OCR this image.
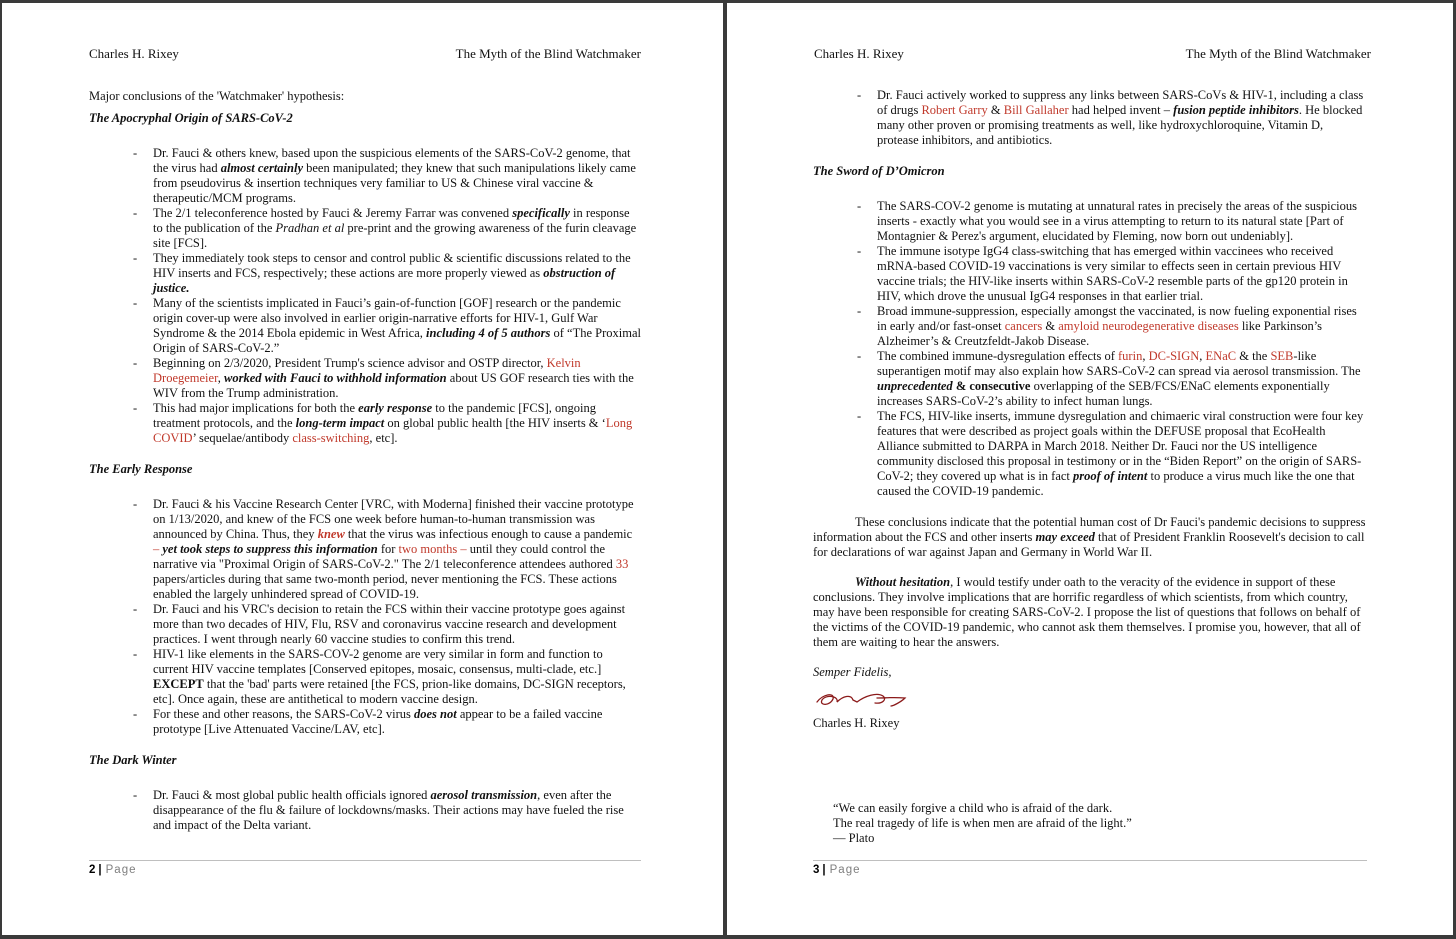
Charles H. Rixey	The Myth of the Blind Watchmaker

Major conclusions of the 'Watchmaker' hypothesis:

The Apocryphal Origin of SARS-CoV-2

- Dr. Fauci & others knew, based upon the suspicious elements of the SARS-CoV-2 genome, that the virus had almost certainly been manipulated; they knew that such manipulations likely came from pseudovirus & insertion techniques very familiar to US & Chinese viral vaccine & therapeutic/MCM programs.
- The 2/1 teleconference hosted by Fauci & Jeremy Farrar was convened specifically in response to the publication of the Pradhan et al pre-print and the growing awareness of the furin cleavage site [FCS].
- They immediately took steps to censor and control public & scientific discussions related to the HIV inserts and FCS, respectively; these actions are more properly viewed as obstruction of justice.
- Many of the scientists implicated in Fauci’s gain-of-function [GOF] research or the pandemic origin cover-up were also involved in earlier origin-narrative efforts for HIV-1, Gulf War Syndrome & the 2014 Ebola epidemic in West Africa, including 4 of 5 authors of “The Proximal Origin of SARS-CoV-2.”
- Beginning on 2/3/2020, President Trump's science advisor and OSTP director, Kelvin Droegemeier, worked with Fauci to withhold information about US GOF research ties with the WIV from the Trump administration.
- This had major implications for both the early response to the pandemic [FCS], ongoing treatment protocols, and the long-term impact on global public health [the HIV inserts & ‘Long COVID’ sequelae/antibody class-switching, etc].

The Early Response

- Dr. Fauci & his Vaccine Research Center [VRC, with Moderna] finished their vaccine prototype on 1/13/2020, and knew of the FCS one week before human-to-human transmission was announced by China. Thus, they knew that the virus was infectious enough to cause a pandemic – yet took steps to suppress this information for two months – until they could control the narrative via "Proximal Origin of SARS-CoV-2." The 2/1 teleconference attendees authored 33 papers/articles during that same two-month period, never mentioning the FCS. These actions enabled the largely unhindered spread of COVID-19.
- Dr. Fauci and his VRC's decision to retain the FCS within their vaccine prototype goes against more than two decades of HIV, Flu, RSV and coronavirus vaccine research and development practices. I went through nearly 60 vaccine studies to confirm this trend.
- HIV-1 like elements in the SARS-COV-2 genome are very similar in form and function to current HIV vaccine templates [Conserved epitopes, mosaic, consensus, multi-clade, etc.] EXCEPT that the 'bad' parts were retained [the FCS, prion-like domains, DC-SIGN receptors, etc]. Once again, these are antithetical to modern vaccine design.
- For these and other reasons, the SARS-CoV-2 virus does not appear to be a failed vaccine prototype [Live Attenuated Vaccine/LAV, etc].

The Dark Winter

- Dr. Fauci & most global public health officials ignored aerosol transmission, even after the disappearance of the flu & failure of lockdowns/masks. Their actions may have fueled the rise and impact of the Delta variant.
2 | Page
Charles H. Rixey	The Myth of the Blind Watchmaker
- Dr. Fauci actively worked to suppress any links between SARS-CoVs & HIV-1, including a class of drugs Robert Garry & Bill Gallaher had helped invent – fusion peptide inhibitors. He blocked many other proven or promising treatments as well, like hydroxychloroquine, Vitamin D, protease inhibitors, and antibiotics.

The Sword of D’Omicron

- The SARS-COV-2 genome is mutating at unnatural rates in precisely the areas of the suspicious inserts - exactly what you would see in a virus attempting to return to its natural state [Part of Montagnier & Perez's argument, elucidated by Fleming, now born out undeniably].
- The immune isotype IgG4 class-switching that has emerged within vaccinees who received mRNA-based COVID-19 vaccinations is very similar to effects seen in certain previous HIV vaccine trials; the HIV-like inserts within SARS-CoV-2 resemble parts of the gp120 protein in HIV, which drove the unusual IgG4 responses in that earlier trial.
- Broad immune-suppression, especially amongst the vaccinated, is now fueling exponential rises in early and/or fast-onset cancers & amyloid neurodegenerative diseases like Parkinson’s Alzheimer’s & Creutzfeldt-Jakob Disease.
- The combined immune-dysregulation effects of furin, DC-SIGN, ENaC & the SEB-like superantigen motif may also explain how SARS-CoV-2 can spread via aerosol transmission. The unprecedented & consecutive overlapping of the SEB/FCS/ENaC elements exponentially increases SARS-CoV-2’s ability to infect human lungs.
- The FCS, HIV-like inserts, immune dysregulation and chimaeric viral construction were four key features that were described as project goals within the DEFUSE proposal that EcoHealth Alliance submitted to DARPA in March 2018. Neither Dr. Fauci nor the US intelligence community disclosed this proposal in testimony or in the “Biden Report” on the origin of SARS-CoV-2; they covered up what is in fact proof of intent to produce a virus much like the one that caused the COVID-19 pandemic.

These conclusions indicate that the potential human cost of Dr Fauci's pandemic decisions to suppress information about the FCS and other inserts may exceed that of President Franklin Roosevelt's decision to call for declarations of war against Japan and Germany in World War II.

Without hesitation, I would testify under oath to the veracity of the evidence in support of these conclusions. They involve implications that are horrific regardless of which scientists, from which country, may have been responsible for creating SARS-CoV-2. I propose the list of questions that follows on behalf of the victims of the COVID-19 pandemic, who cannot ask them themselves. I promise you, however, that all of them are waiting to hear the answers.

Semper Fidelis,

Charles H. Rixey

“We can easily forgive a child who is afraid of the dark.

The real tragedy of life is when men are afraid of the light.”

— Plato

3 | Page
